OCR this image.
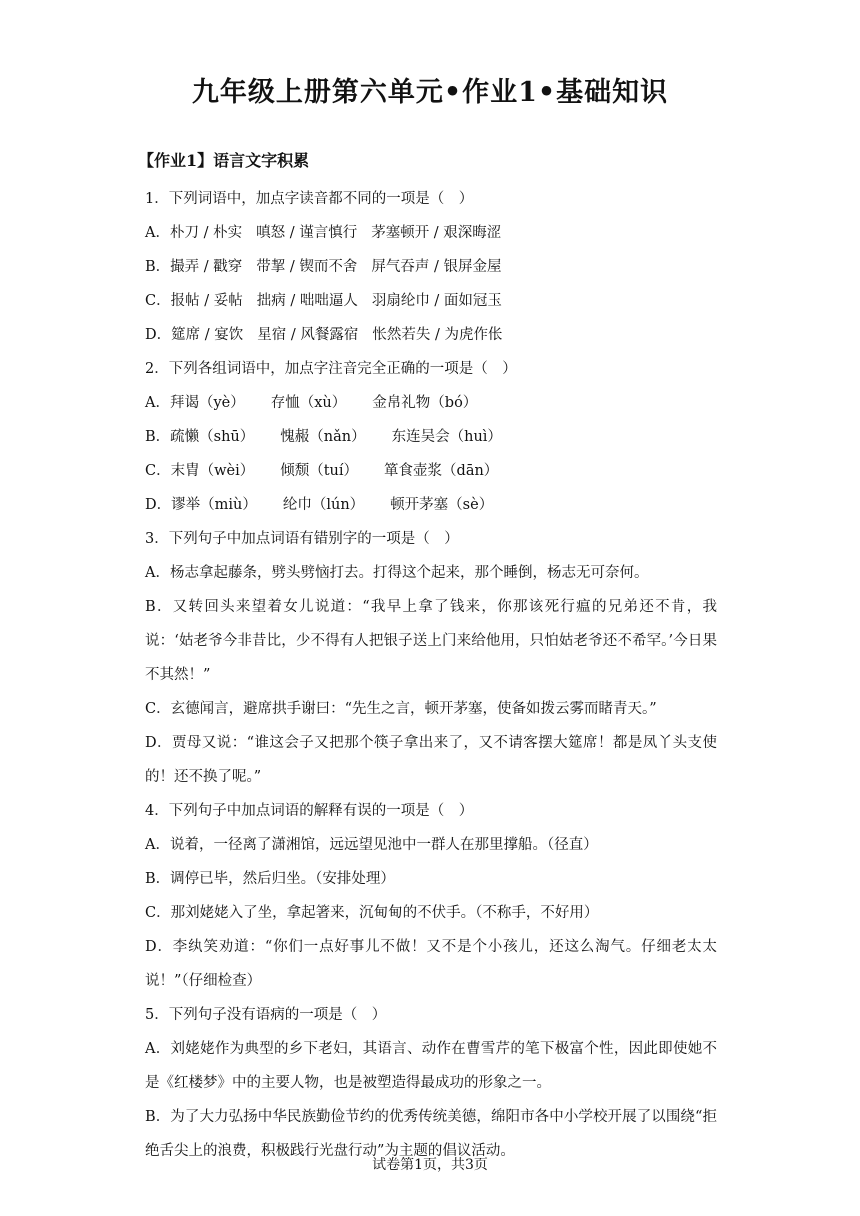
九年级上册第六单元•作业1•基础知识
【作业1】语言文字积累
1．下列词语中，加点字读音都不同的一项是（　）
A．朴刀 / 朴实 嗔怒 / 谨言慎行 茅塞顿开 / 艰深晦涩
B．撮弄 / 戳穿 带挈 / 锲而不舍 屏气吞声 / 银屏金屋
C．报帖 / 妥帖 拙病 / 咄咄逼人 羽扇纶巾 / 面如冠玉
D．筵席 / 宴饮 星宿 / 风餐露宿 怅然若失 / 为虎作伥
2．下列各组词语中，加点字注音完全正确的一项是（　）
A．拜谒（yè） 存恤（xù） 金帛礼物（bó）
B．疏懒（shū） 愧赧（nǎn） 东连吴会（huì）
C．末胄（wèi） 倾颓（tuí） 箪食壶浆（dān）
D．谬举（miù） 纶巾（lún） 顿开茅塞（sè）
3．下列句子中加点词语有错别字的一项是（　）
A．杨志拿起藤条，劈头劈恼打去。打得这个起来，那个睡倒，杨志无可奈何。
B．又转回头来望着女儿说道：“我早上拿了钱来，你那该死行瘟的兄弟还不肯，我说：‘姑老爷今非昔比，少不得有人把银子送上门来给他用，只怕姑老爷还不希罕。’今日果不其然！”
C．玄德闻言，避席拱手谢曰：“先生之言，顿开茅塞，使备如拨云雾而睹青天。”
D．贾母又说：“谁这会子又把那个筷子拿出来了，又不请客摆大筵席！都是凤丫头支使的！还不换了呢。”
4．下列句子中加点词语的解释有误的一项是（　）
A．说着，一径离了潇湘馆，远远望见池中一群人在那里撑船。（径直）
B．调停已毕，然后归坐。（安排处理）
C．那刘姥姥入了坐，拿起箸来，沉甸甸的不伏手。（不称手，不好用）
D．李纨笑劝道：“你们一点好事儿不做！又不是个小孩儿，还这么淘气。仔细老太太说！”（仔细检查）
5．下列句子没有语病的一项是（　）
A．刘姥姥作为典型的乡下老妇，其语言、动作在曹雪芹的笔下极富个性，因此即使她不是《红楼梦》中的主要人物，也是被塑造得最成功的形象之一。
B．为了大力弘扬中华民族勤俭节约的优秀传统美德，绵阳市各中小学校开展了以围绕“拒绝舌尖上的浪费，积极践行光盘行动”为主题的倡议活动。
试卷第1页，共3页
